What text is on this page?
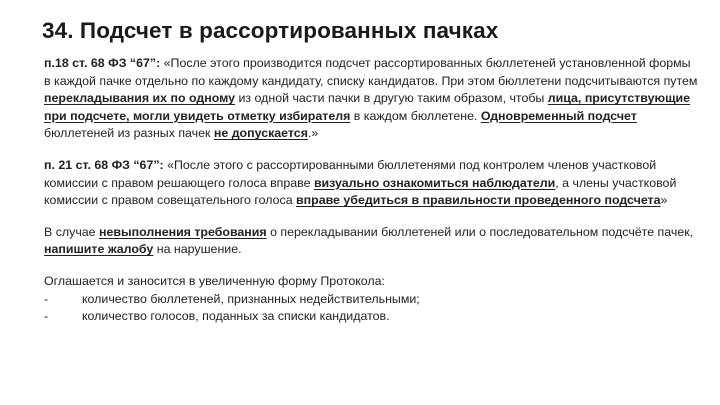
34. Подсчет в рассортированных пачках

п.18 ст. 68 ФЗ “67”: «После этого производится подсчет рассортированных бюллетеней установленной формы в каждой пачке отдельно по каждому кандидату, списку кандидатов. При этом бюллетени подсчитываются путем перекладывания их по одному из одной части пачки в другую таким образом, чтобы лица, присутствующие при подсчете, могли увидеть отметку избирателя в каждом бюллетене. Одновременный подсчет бюллетеней из разных пачек не допускается.»

п. 21 ст. 68 ФЗ “67”: «После этого с рассортированными бюллетенями под контролем членов участковой комиссии с правом решающего голоса вправе визуально ознакомиться наблюдатели, а члены участковой комиссии с правом совещательного голоса вправе убедиться в правильности проведенного подсчета»

В случае невыполнения требования о перекладывании бюллетеней или о последовательном подсчёте пачек, напишите жалобу на нарушение.

Оглашается и заносится в увеличенную форму Протокола:

-	количество бюллетеней, признанных недействительными;
-	количество голосов, поданных за списки кандидатов.
